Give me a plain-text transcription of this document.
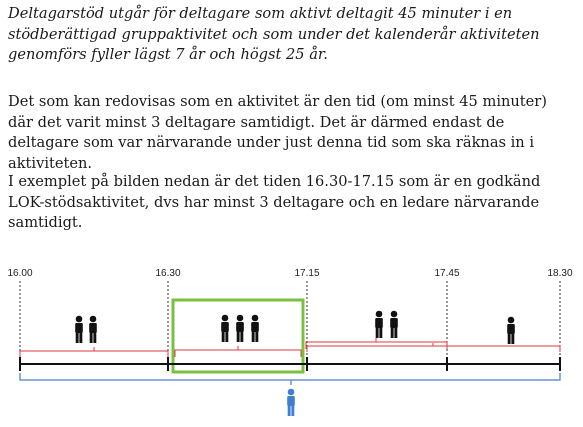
Deltagarstöd utgår för deltagare som aktivt deltagit 45 minuter i en stödberättigad gruppaktivitet och som under det kalenderår aktiviteten genomförs fyller lägst 7 år och högst 25 år.

Det som kan redovisas som en aktivitet är den tid (om minst 45 minuter) där det varit minst 3 deltagare samtidigt. Det är därmed endast de deltagare som var närvarande under just denna tid som ska räknas in i aktiviteten.

I exemplet på bilden nedan är det tiden 16.30-17.15 som är en godkänd LOK-stödsaktivitet, dvs har minst 3 deltagare och en ledare närvarande samtidigt.

16.00	16.30	17.15	17.45	18.30
